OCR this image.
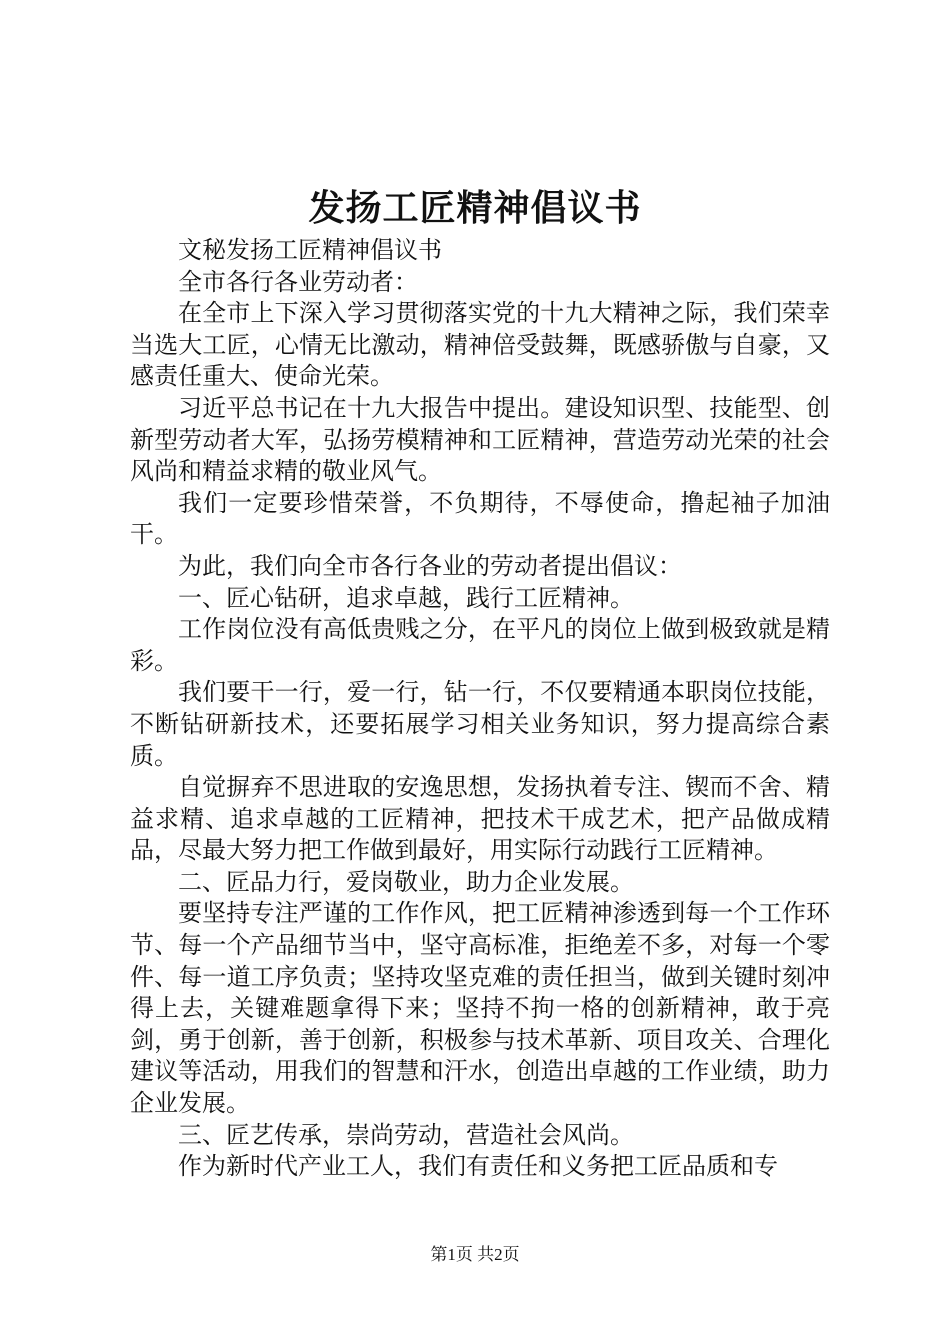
发扬工匠精神倡议书

文秘发扬工匠精神倡议书

全市各行各业劳动者：

在全市上下深入学习贯彻落实党的十九大精神之际，我们荣幸当选大工匠，心情无比激动，精神倍受鼓舞，既感骄傲与自豪，又感责任重大、使命光荣。

习近平总书记在十九大报告中提出。建设知识型、技能型、创新型劳动者大军，弘扬劳模精神和工匠精神，营造劳动光荣的社会风尚和精益求精的敬业风气。

我们一定要珍惜荣誉，不负期待，不辱使命，撸起袖子加油干。

为此，我们向全市各行各业的劳动者提出倡议：

一、匠心钻研，追求卓越，践行工匠精神。

工作岗位没有高低贵贱之分，在平凡的岗位上做到极致就是精彩。

我们要干一行，爱一行，钻一行，不仅要精通本职岗位技能，不断钻研新技术，还要拓展学习相关业务知识，努力提高综合素质。

自觉摒弃不思进取的安逸思想，发扬执着专注、锲而不舍、精益求精、追求卓越的工匠精神，把技术干成艺术，把产品做成精品，尽最大努力把工作做到最好，用实际行动践行工匠精神。

二、匠品力行，爱岗敬业，助力企业发展。

要坚持专注严谨的工作作风，把工匠精神渗透到每一个工作环节、每一个产品细节当中，坚守高标准，拒绝差不多，对每一个零件、每一道工序负责；坚持攻坚克难的责任担当，做到关键时刻冲得上去，关键难题拿得下来；坚持不拘一格的创新精神，敢于亮剑，勇于创新，善于创新，积极参与技术革新、项目攻关、合理化建议等活动，用我们的智慧和汗水，创造出卓越的工作业绩，助力企业发展。

三、匠艺传承，崇尚劳动，营造社会风尚。

作为新时代产业工人，我们有责任和义务把工匠品质和专

第1页 共2页
